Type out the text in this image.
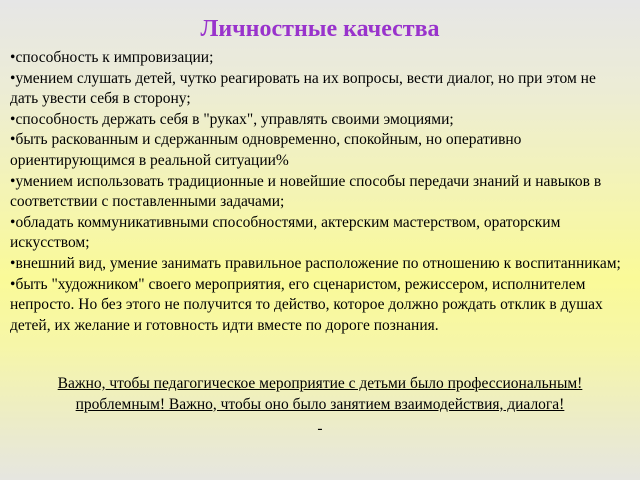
Личностные качества
• способность к импровизации;
• умением слушать детей, чутко реагировать на их вопросы, вести диалог, но при этом не дать увести себя в сторону;
• способность держать себя в "руках", управлять своими эмоциями;
• быть раскованным и сдержанным одновременно, спокойным, но оперативно ориентирующимся в реальной ситуации%
• умением использовать традиционные и новейшие способы передачи знаний и навыков в соответствии с поставленными задачами;
• обладать коммуникативными способностями, актерским мастерством, ораторским искусством;
• внешний вид, умение занимать правильное расположение по отношению к воспитанникам;
• быть "художником" своего мероприятия, его сценаристом, режиссером, исполнителем непросто. Но без этого не получится то действо, которое должно рождать отклик в душах детей, их желание и готовность идти вместе по дороге познания.
Важно, чтобы педагогическое мероприятие с детьми было профессиональным!
проблемным! Важно, чтобы оно было занятием взаимодействия, диалога!
-
